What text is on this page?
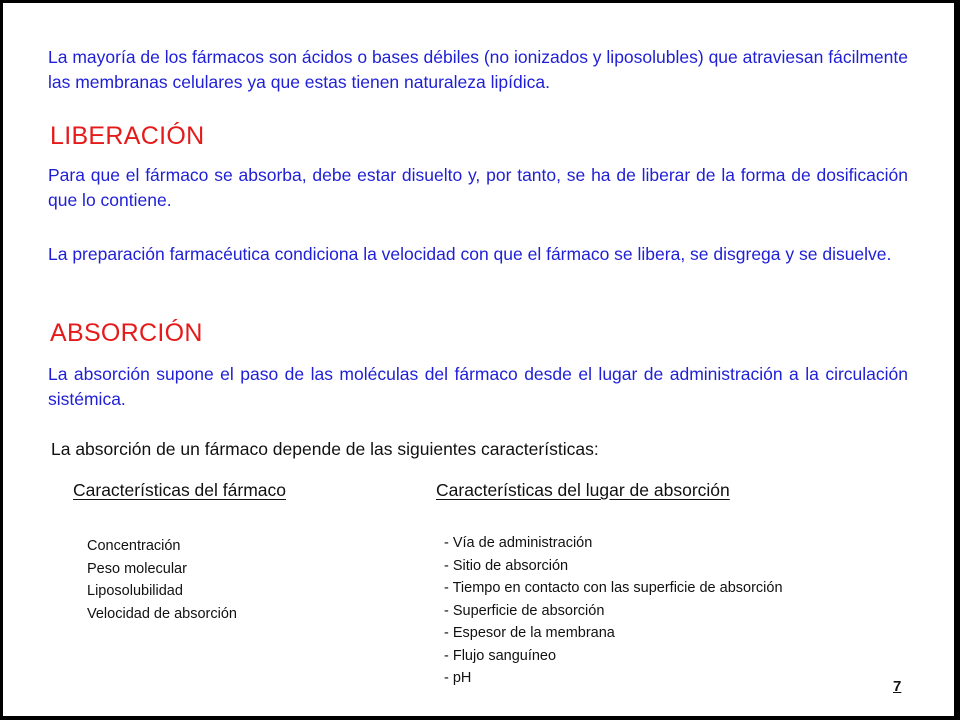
La mayoría de los fármacos son ácidos o bases débiles (no ionizados y liposolubles) que atraviesan fácilmente las membranas celulares ya que estas tienen naturaleza lipídica.

LIBERACIÓN

Para que el fármaco se absorba, debe estar disuelto y, por tanto, se ha de liberar de la forma de dosificación que lo contiene.

La preparación farmacéutica condiciona la velocidad con que el fármaco se libera, se disgrega y se disuelve.

ABSORCIÓN

La absorción supone el paso de las moléculas del fármaco desde el lugar de administración a la circulación sistémica.

La absorción de un fármaco depende de las siguientes características:

Características del fármaco	Características del lugar de absorción

Concentración
Peso molecular
Liposolubilidad
Velocidad de absorción
- Vía de administración
- Sitio de absorción
- Tiempo en contacto con las superficie de absorción
- Superficie de absorción
- Espesor de la membrana
- Flujo sanguíneo
- pH	7
